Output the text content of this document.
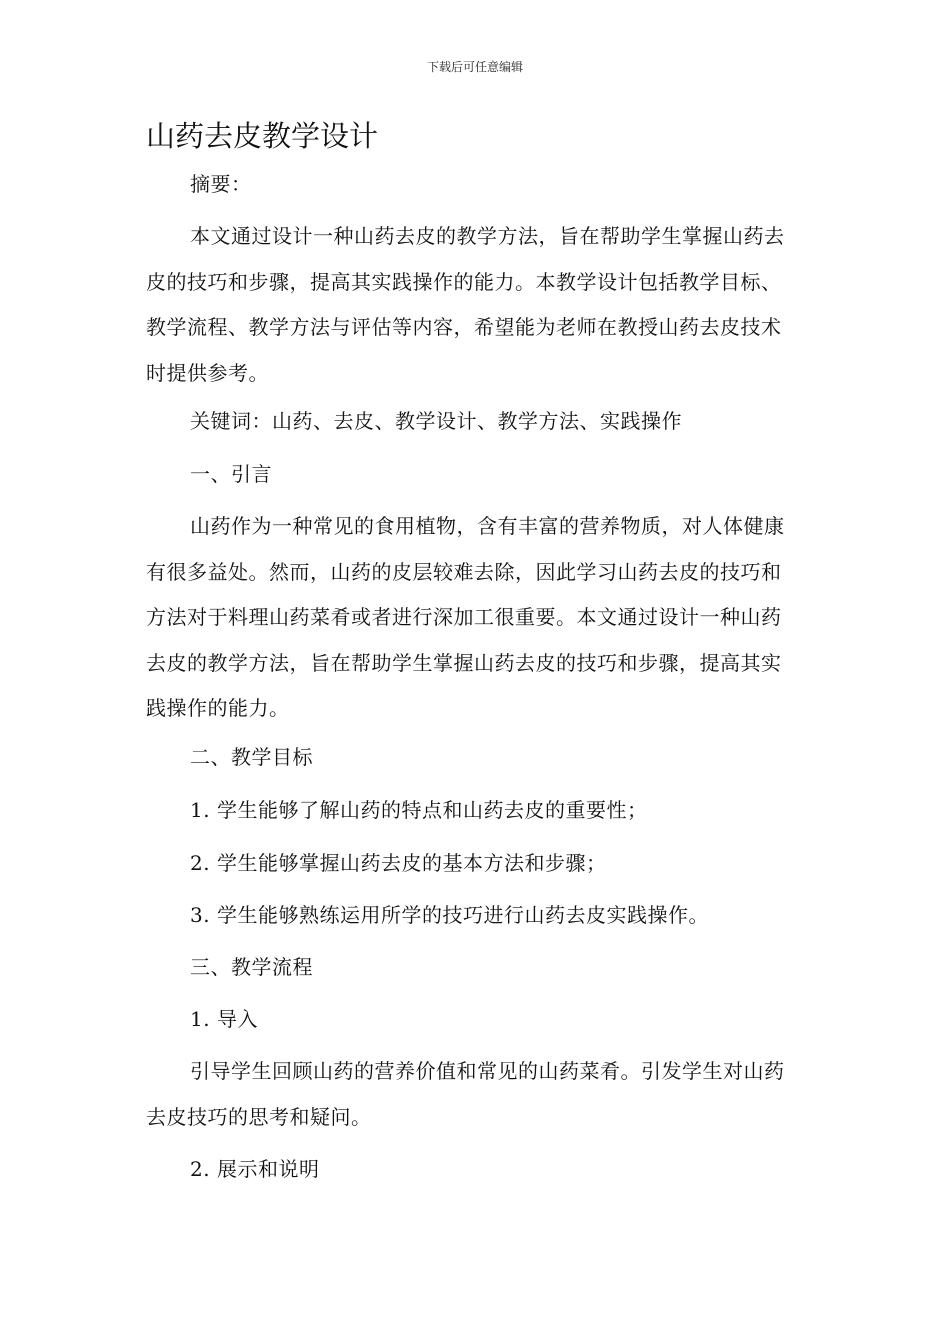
下载后可任意编辑
山药去皮教学设计

摘要：

本文通过设计一种山药去皮的教学方法，旨在帮助学生掌握山药去皮的技巧和步骤，提高其实践操作的能力。本教学设计包括教学目标、教学流程、教学方法与评估等内容，希望能为老师在教授山药去皮技术时提供参考。

关键词：山药、去皮、教学设计、教学方法、实践操作

一、引言

山药作为一种常见的食用植物，含有丰富的营养物质，对人体健康有很多益处。然而，山药的皮层较难去除，因此学习山药去皮的技巧和方法对于料理山药菜肴或者进行深加工很重要。本文通过设计一种山药去皮的教学方法，旨在帮助学生掌握山药去皮的技巧和步骤，提高其实践操作的能力。

二、教学目标

1. 学生能够了解山药的特点和山药去皮的重要性；

2. 学生能够掌握山药去皮的基本方法和步骤；

3. 学生能够熟练运用所学的技巧进行山药去皮实践操作。

三、教学流程

1. 导入

引导学生回顾山药的营养价值和常见的山药菜肴。引发学生对山药去皮技巧的思考和疑问。

2. 展示和说明
